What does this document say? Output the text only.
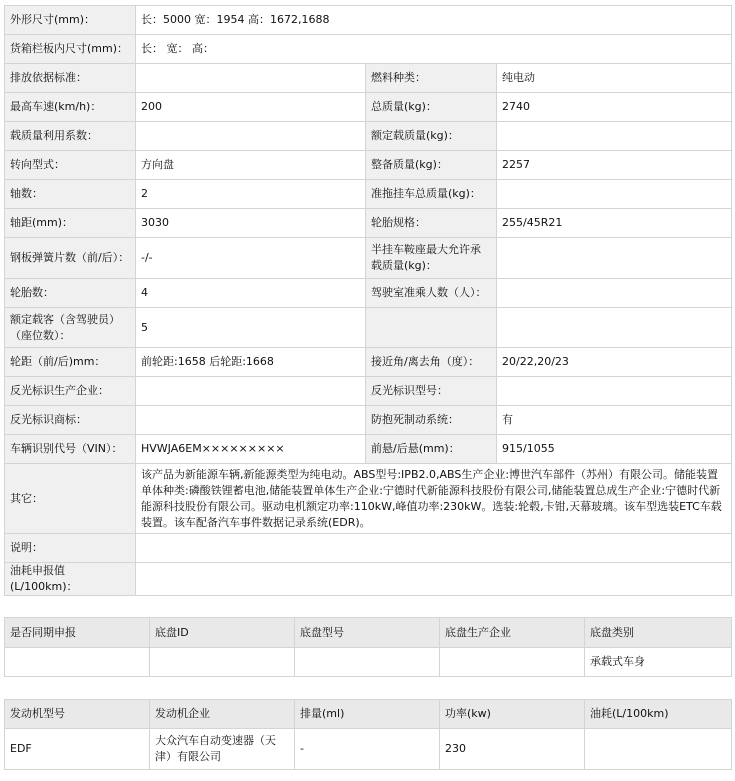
外形尺寸(mm)：	长：5000 宽：1954 高：1672,1688		
货箱栏板内尺寸(mm)：	长： 宽： 高：		
排放依据标准：		燃料种类：	纯电动
最高车速(km/h)：	200	总质量(kg)：	2740
载质量利用系数：		额定载质量(kg)：	
转向型式：	方向盘	整备质量(kg)：	2257
轴数：	2	准拖挂车总质量(kg)：	
轴距(mm)：	3030	轮胎规格：	255/45R21
钢板弹簧片数（前/后）：	-/-	半挂车鞍座最大允许承载质量(kg)：	
轮胎数：	4	驾驶室准乘人数（人）：	
额定载客（含驾驶员）（座位数）：	5		
轮距（前/后)mm：	前轮距:1658 后轮距:1668	接近角/离去角（度）：	20/22,20/23
反光标识生产企业：		反光标识型号：	
反光标识商标：		防抱死制动系统：	有
车辆识别代号（VIN）：	HVWJA6EM×××××××××	前悬/后悬(mm)：	915/1055
其它：	该产品为新能源车辆,新能源类型为纯电动。ABS型号:IPB2.0,ABS生产企业:博世汽车部件（苏州）有限公司。储能装置单体种类:磷酸铁锂蓄电池,储能装置单体生产企业:宁德时代新能源科技股份有限公司,储能装置总成生产企业:宁德时代新能源科技股份有限公司。驱动电机额定功率:110kW,峰值功率:230kW。选装:轮毂,卡钳,天幕玻璃。该车型选装ETC车载装置。该车配备汽车事件数据记录系统(EDR)。		
说明：			
油耗申报值(L/100km)：			
是否同期申报	底盘ID	底盘型号	底盘生产企业	底盘类别
				承载式车身
发动机型号	发动机企业	排量(ml)	功率(kw)	油耗(L/100km)
EDF	大众汽车自动变速器（天津）有限公司	-	230	
